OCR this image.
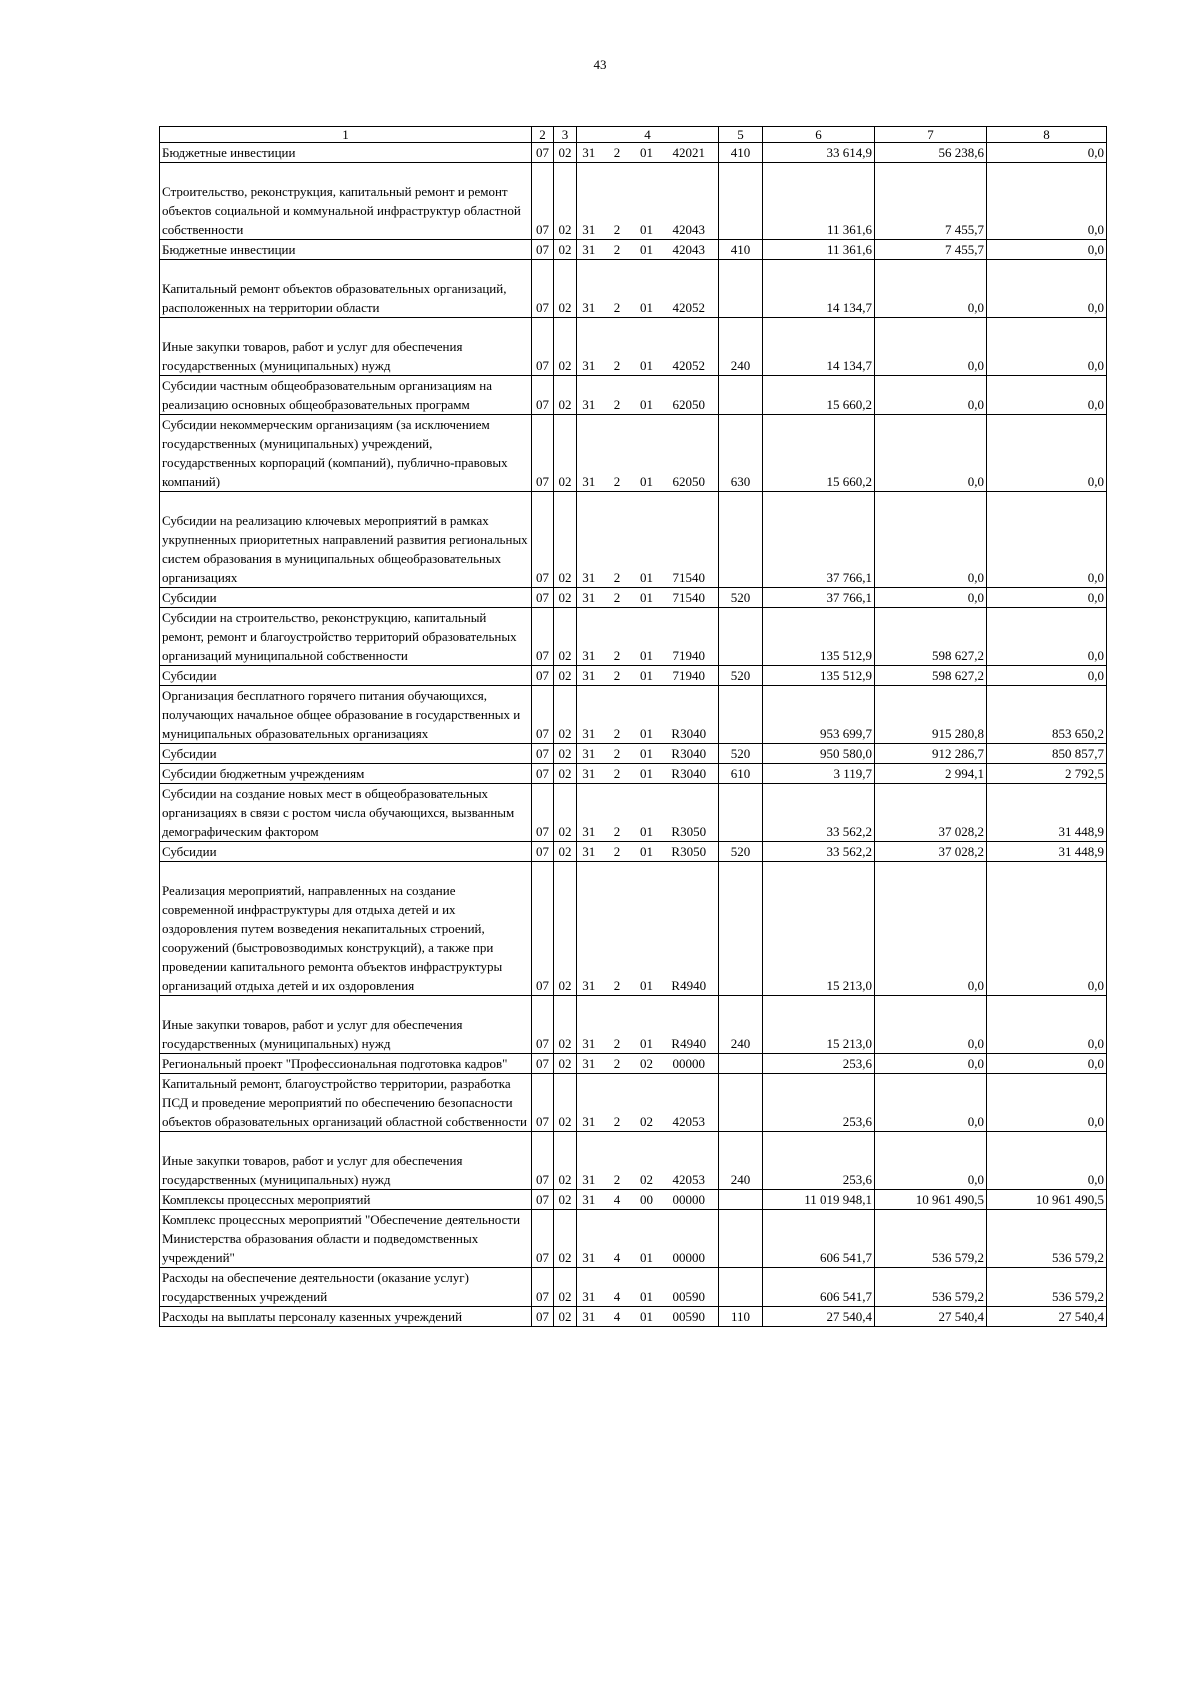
43
1	2	3	4				5	6	7	8
Бюджетные инвестиции	07	02	31	2	01	42021	410	33 614,9	56 238,6	0,0
Строительство, реконструкция, капитальный ремонт и ремонт объектов социальной и коммунальной инфраструктур областной собственности	07	02	31	2	01	42043		11 361,6	7 455,7	0,0
Бюджетные инвестиции	07	02	31	2	01	42043	410	11 361,6	7 455,7	0,0
Капитальный ремонт объектов образовательных организаций, расположенных на территории области	07	02	31	2	01	42052		14 134,7	0,0	0,0
Иные закупки товаров, работ и услуг для обеспечения государственных (муниципальных) нужд	07	02	31	2	01	42052	240	14 134,7	0,0	0,0
Субсидии частным общеобразовательным организациям на реализацию основных общеобразовательных программ	07	02	31	2	01	62050		15 660,2	0,0	0,0
Субсидии некоммерческим организациям (за исключением государственных (муниципальных) учреждений, государственных корпораций (компаний), публично-правовых компаний)	07	02	31	2	01	62050	630	15 660,2	0,0	0,0
Субсидии на реализацию ключевых мероприятий в рамках укрупненных приоритетных направлений развития региональных систем образования в муниципальных общеобразовательных организациях	07	02	31	2	01	71540		37 766,1	0,0	0,0
Субсидии	07	02	31	2	01	71540	520	37 766,1	0,0	0,0
Субсидии на строительство, реконструкцию, капитальный ремонт, ремонт и благоустройство территорий образовательных организаций муниципальной собственности	07	02	31	2	01	71940		135 512,9	598 627,2	0,0
Субсидии	07	02	31	2	01	71940	520	135 512,9	598 627,2	0,0
Организация бесплатного горячего питания обучающихся, получающих начальное общее образование в государственных и муниципальных образовательных организациях	07	02	31	2	01	R3040		953 699,7	915 280,8	853 650,2
Субсидии	07	02	31	2	01	R3040	520	950 580,0	912 286,7	850 857,7
Субсидии бюджетным учреждениям	07	02	31	2	01	R3040	610	3 119,7	2 994,1	2 792,5
Субсидии на создание новых мест в общеобразовательных организациях в связи с ростом числа обучающихся, вызванным демографическим фактором	07	02	31	2	01	R3050		33 562,2	37 028,2	31 448,9
Субсидии	07	02	31	2	01	R3050	520	33 562,2	37 028,2	31 448,9
Реализация мероприятий, направленных на создание современной инфраструктуры для отдыха детей и их оздоровления путем возведения некапитальных строений, сооружений (быстровозводимых конструкций), а также при проведении капитального ремонта объектов инфраструктуры организаций отдыха детей и их оздоровления	07	02	31	2	01	R4940		15 213,0	0,0	0,0
Иные закупки товаров, работ и услуг для обеспечения государственных (муниципальных) нужд	07	02	31	2	01	R4940	240	15 213,0	0,0	0,0
Региональный проект "Профессиональная подготовка кадров"	07	02	31	2	02	00000		253,6	0,0	0,0
Капитальный ремонт, благоустройство территории, разработка ПСД и проведение мероприятий по обеспечению безопасности объектов образовательных организаций областной собственности	07	02	31	2	02	42053		253,6	0,0	0,0
Иные закупки товаров, работ и услуг для обеспечения государственных (муниципальных) нужд	07	02	31	2	02	42053	240	253,6	0,0	0,0
Комплексы процессных мероприятий	07	02	31	4	00	00000		11 019 948,1	10 961 490,5	10 961 490,5
Комплекс процессных мероприятий "Обеспечение деятельности Министерства образования области и подведомственных учреждений"	07	02	31	4	01	00000		606 541,7	536 579,2	536 579,2
Расходы на обеспечение деятельности (оказание услуг) государственных учреждений	07	02	31	4	01	00590		606 541,7	536 579,2	536 579,2
Расходы на выплаты персоналу казенных учреждений	07	02	31	4	01	00590	110	27 540,4	27 540,4	27 540,4
